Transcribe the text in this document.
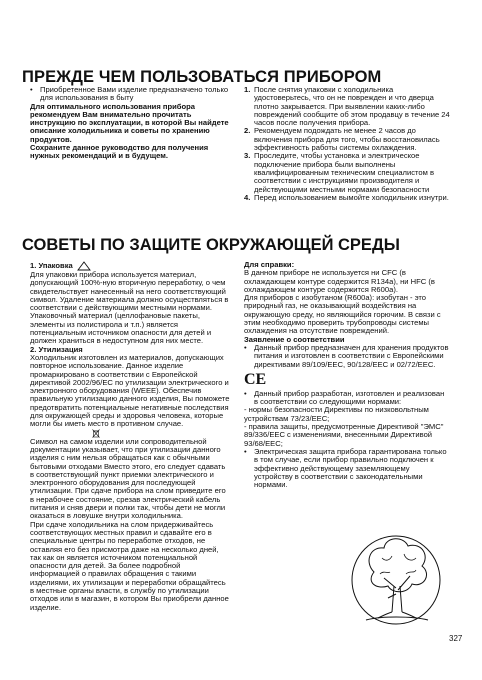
ПРЕЖДЕ ЧЕМ ПОЛЬЗОВАТЬСЯ ПРИБОРОМ
• Приобретенное Вами изделие предназначено только для использования в быту

Для оптимального использования прибора рекомендуем Вам внимательно прочитать инструкцию по эксплуатации, в которой Вы найдете описание холодильника и советы по хранению продуктов.

Сохраните данное руководство для получения нужных рекомендаций и в будущем.

1. После снятия упаковки с холодильника удостоверьтесь, что он не поврежден и что дверца плотно закрывается. При выявлении каких-либо повреждений сообщите об этом продавцу в течение 24 часов после получения прибора.
2. Рекомендуем подождать не менее 2 часов до включения прибора для того, чтобы восстановилась эффективность работы системы охлаждения.
3. Проследите, чтобы установка и электрическое подключение прибора были выполнены квалифицированным техническим специалистом в соответствии с инструкциями производителя и действующими местными нормами безопасности
4. Перед использованием вымойте холодильник изнутри.
СОВЕТЫ ПО ЗАЩИТЕ ОКРУЖАЮЩЕЙ СРЕДЫ

1. Упаковка

Для упаковки прибора используется материал, допускающий 100%-ную вторичную переработку, о чем свидетельствует нанесенный на него соответствующий символ. Удаление материала должно осуществляться в соответствии с действующими местными нормами. Упаковочный материал (целлофановые пакеты, элементы из полистирола и т.п.) является потенциальным источником опасности для детей и должен храниться в недоступном для них месте.

2. Утилизация

Холодильник изготовлен из материалов, допускающих повторное использование. Данное изделие промаркировано в соответствии с Европейской директивой 2002/96/ЕС по утилизации электрического и электронного оборудования (WEEE). Обеспечив правильную утилизацию данного изделия, Вы поможете предотвратить потенциальные негативные последствия для окружающей среды и здоровья человека, которые могли бы иметь место в противном случае.

Символ на самом изделии или сопроводительной документации указывает, что при утилизации данного изделия с ним нельзя обращаться как с обычными бытовыми отходами Вместо этого, его следует сдавать в соответствующий пункт приемки электрического и электронного оборудования для последующей утилизации. При сдаче прибора на слом приведите его в нерабочее состояние, срезав электрический кабель питания и сняв двери и полки так, чтобы дети не могли оказаться в ловушке внутри холодильника.

При сдаче холодильника на слом придерживайтесь соответствующих местных правил и сдавайте его в специальные центры по переработке отходов, не оставляя его без присмотра даже на несколько дней, так как он является источником потенциальной опасности для детей. За более подробной информацией о правилах обращения с такими изделиями, их утилизации и переработки обращайтесь в местные органы власти, в службу по утилизации отходов или в магазин, в котором Вы приобрели данное изделие.

Для справки:

В данном приборе не используется ни CFC (в охлаждающем контуре содержится R134a), ни HFC (в охлаждающем контуре содержится R600a).

Для приборов с изобутаном (R600a): изобутан - это природный газ, не оказывающий воздействия на окружающую среду, но являющийся горючим. В связи с этим необходимо проверить трубопроводы системы охлаждения на отсутствие повреждений.

Заявление о соответствии

• Данный прибор предназначен для хранения продуктов питания и изготовлен в соответствии с Европейскими директивами 89/109/EEC, 90/128/EEC и 02/72/EEC.
CE
• Данный прибор разработан, изготовлен и реализован в соответствии со следующими нормами:

- нормы безопасности Директивы по низковольтным устройствам 73/23/EEC;

- правила защиты, предусмотренные Директивой "ЭМС" 89/336/EEC с изменениями, внесенными Директивой 93/68/EEC;

• Электрическая защита прибора гарантирована только в том случае, если прибор правильно подключен к эффективно действующему заземляющему устройству в соответствии с законодательными нормами.
327
